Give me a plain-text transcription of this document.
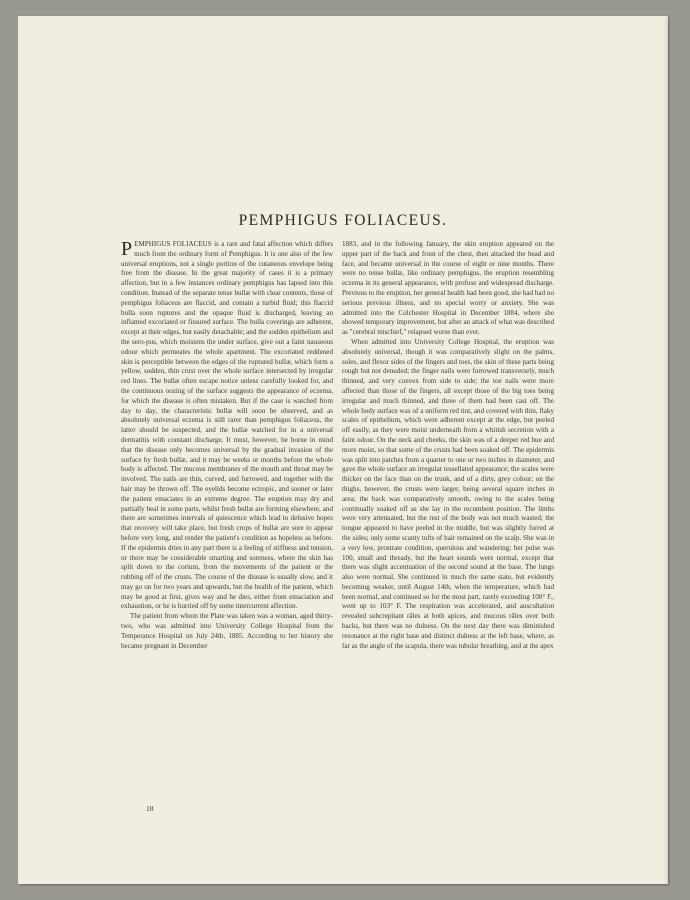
PEMPHIGUS FOLIACEUS.

PEMPHIGUS FOLIACEUS is a rare and fatal affection which differs much from the ordinary form of Pemphigus. It is one also of the few universal eruptions, not a single portion of the cutaneous envelope being free from the disease. In the great majority of cases it is a primary affection, but in a few instances ordinary pemphigus has lapsed into this condition. Instead of the separate tense bullæ with clear contents, those of pemphigus foliaceus are flaccid, and contain a turbid fluid; this flaccid bulla soon ruptures and the opaque fluid is discharged, leaving an inflamed excoriated or fissured surface. The bulla coverings are adherent, except at their edges, but easily detachable; and the sodden epithelium and the sero-pus, which moistens the under surface, give out a faint nauseous odour which permeates the whole apartment. The excoriated reddened skin is perceptible between the edges of the ruptured bullæ, which form a yellow, sodden, thin crust over the whole surface intersected by irregular red lines. The bullæ often escape notice unless carefully looked for, and the continuous oozing of the surface suggests the appearance of eczema, for which the disease is often mistaken. But if the case is watched from day to day, the characteristic bullæ will soon be observed, and as absolutely universal eczema is still rarer than pemphigus foliaceus, the latter should be suspected, and the bullæ watched for in a universal dermatitis with constant discharge. It must, however, be borne in mind that the disease only becomes universal by the gradual invasion of the surface by fresh bullæ, and it may be weeks or months before the whole body is affected. The mucous membranes of the mouth and throat may be involved. The nails are thin, curved, and furrowed, and together with the hair may be thrown off. The eyelids become ectropic, and sooner or later the patient emaciates in an extreme degree. The eruption may dry and partially heal in some parts, whilst fresh bullæ are forming elsewhere, and there are sometimes intervals of quiescence which lead to delusive hopes that recovery will take place, but fresh crops of bullæ are sure to appear before very long, and render the patient's condition as hopeless as before. If the epidermis dries in any part there is a feeling of stiffness and tension, or there may be considerable smarting and soreness, where the skin has split down to the corium, from the movements of the patient or the rubbing off of the crusts. The course of the disease is usually slow, and it may go on for two years and upwards, but the health of the patient, which may be good at first, gives way and he dies, either from emaciation and exhaustion, or he is hurried off by some intercurrent affection.

The patient from whom the Plate was taken was a woman, aged thirty-two, who was admitted into University College Hospital from the Temperance Hospital on July 24th, 1885. According to her history she became pregnant in December

1883, and in the following January, the skin eruption appeared on the upper part of the back and front of the chest, then attacked the head and face, and became universal in the course of eight or nine months. There were no tense bullæ, like ordinary pemphigus, the eruption resembling eczema in its general appearance, with profuse and widespread discharge. Previous to the eruption, her general health had been good, she had had no serious previous illness, and no special worry or anxiety. She was admitted into the Colchester Hospital in December 1884, where she showed temporary improvement, but after an attack of what was described as "cerebral mischief," relapsed worse than ever.

When admitted into University College Hospital, the eruption was absolutely universal, though it was comparatively slight on the palms, soles, and flexor sides of the fingers and toes, the skin of these parts being rough but not denuded; the finger nails were furrowed transversely, much thinned, and very convex from side to side; the toe nails were more affected than those of the fingers, all except those of the big toes being irregular and much thinned, and three of them had been cast off. The whole body surface was of a uniform red tint, and covered with thin, flaky scales of epithelium, which were adherent except at the edge, but peeled off easily, as they were moist underneath from a whitish secretion with a faint odour. On the neck and cheeks, the skin was of a deeper red hue and more moist, so that some of the crusts had been soaked off. The epidermis was split into patches from a quarter to one or two inches in diameter, and gave the whole surface an irregular tessellated appearance; the scales were thicker on the face than on the trunk, and of a dirty, grey colour; on the thighs, however, the crusts were larger, being several square inches in area; the back was comparatively smooth, owing to the scales being continually soaked off as she lay in the recumbent position. The limbs were very attenuated, but the rest of the body was not much wasted; the tongue appeared to have peeled in the middle, but was slightly furred at the sides; only some scanty tufts of hair remained on the scalp. She was in a very low, prostrate condition, querulous and wandering; her pulse was 100, small and thready, but the heart sounds were normal, except that there was slight accentuation of the second sound at the base. The lungs also were normal. She continued in much the same state, but evidently becoming weaker, until August 14th, when the temperature, which had been normal, and continued so for the most part, rarely exceeding 100° F., went up to 103° F. The respiration was accelerated, and auscultation revealed subcrepitant râles at both apices, and mucous râles over both backs, but there was no dulness. On the next day there was diminished resonance at the right base and distinct dulness at the left base, where, as far as the angle of the scapula, there was tubular breathing, and at the apex

18
